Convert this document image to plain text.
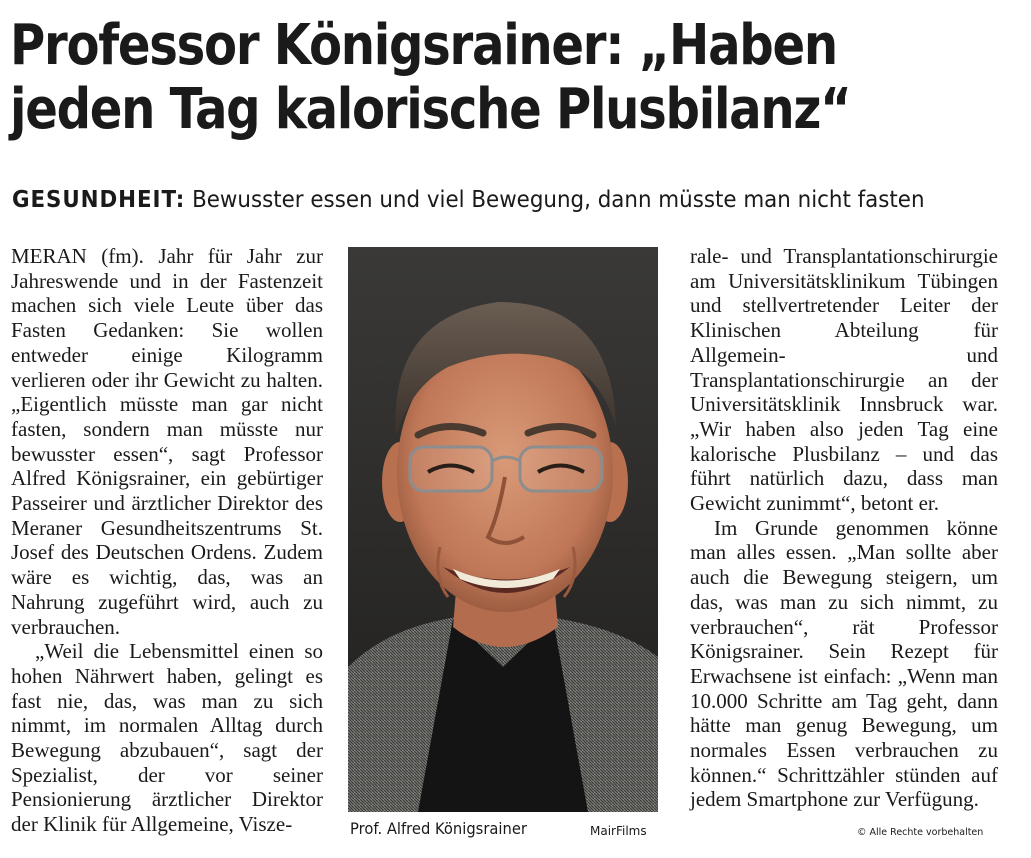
Professor Königsrainer: „Haben
jeden Tag kalorische Plusbilanz“
GESUNDHEIT: Bewusster essen und viel Bewegung, dann müsste man nicht fasten

MERAN (fm). Jahr für Jahr zur Jahreswende und in der Fastenzeit machen sich viele Leute über das Fasten Gedanken: Sie wollen entweder einige Kilogramm verlieren oder ihr Gewicht zu halten. „Eigentlich müsste man gar nicht fasten, sondern man müsste nur bewusster essen“, sagt Professor Alfred Königsrainer, ein gebürtiger Passeirer und ärztlicher Direktor des Meraner Gesundheitszentrums St. Josef des Deutschen Ordens. Zudem wäre es wichtig, das, was an Nahrung zugeführt wird, auch zu verbrauchen.

„Weil die Lebensmittel einen so hohen Nährwert haben, gelingt es fast nie, das, was man zu sich nimmt, im normalen Alltag durch Bewegung abzubauen“, sagt der Spezialist, der vor seiner Pensionierung ärztlicher Direktor der Klinik für Allgemeine, Visze-	Prof. Alfred Königsrainer	MairFilms

rale- und Transplantationschirurgie am Universitätsklinikum Tübingen und stellvertretender Leiter der Klinischen Abteilung für Allgemein- und Transplantationschirurgie an der Universitätsklinik Innsbruck war. „Wir haben also jeden Tag eine kalorische Plusbilanz – und das führt natürlich dazu, dass man Gewicht zunimmt“, betont er.

Im Grunde genommen könne man alles essen. „Man sollte aber auch die Bewegung steigern, um das, was man zu sich nimmt, zu verbrauchen“, rät Professor Königsrainer. Sein Rezept für Erwachsene ist einfach: „Wenn man 10.000 Schritte am Tag geht, dann hätte man genug Bewegung, um normales Essen verbrauchen zu können.“ Schrittzähler stünden auf jedem Smartphone zur Verfügung.

© Alle Rechte vorbehalten
